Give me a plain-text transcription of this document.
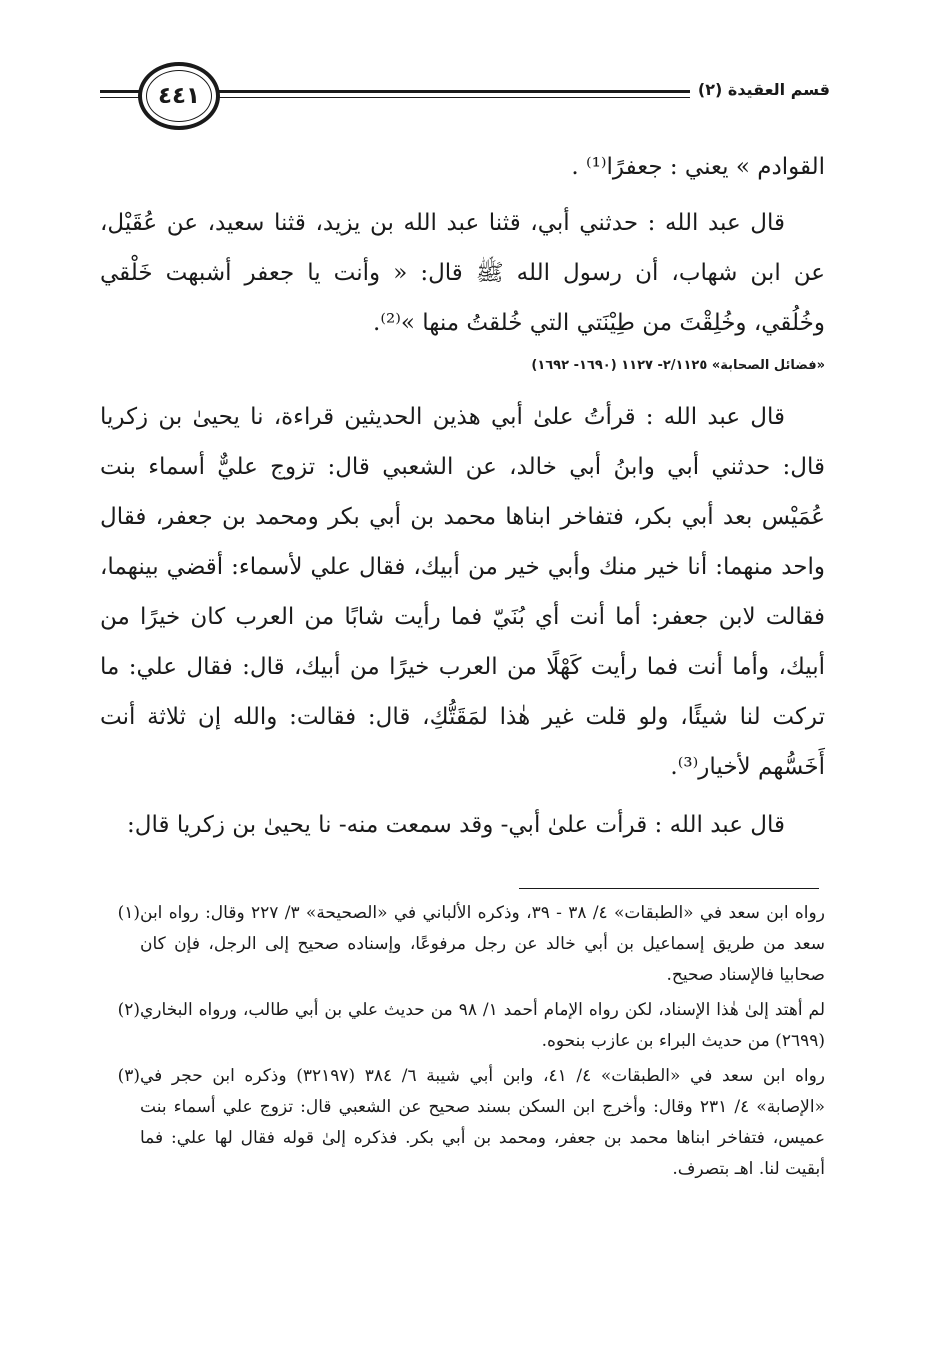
٤٤١	قسم العقيدة (٢)

القوادم » يعني : جعفرًا⁽¹⁾ .

قال عبد الله : حدثني أبي، قثنا عبد الله بن يزيد، قثنا سعيد، عن عُقَيْل، عن ابن شهاب، أن رسول الله ﷺ قال: « وأنت يا جعفر أشبهت خَلْقي وخُلُقي، وخُلِقْتَ من طِيْنَتي التي خُلقتُ منها »⁽²⁾.

«فضائل الصحابة» ٢/١١٢٥- ١١٢٧ (١٦٩٠- ١٦٩٢)

قال عبد الله : قرأتُ علىٰ أبي هذين الحديثين قراءة، نا يحيىٰ بن زكريا قال: حدثني أبي وابنُ أبي خالد، عن الشعبي قال: تزوج عليٌّ أسماء بنت عُمَيْس بعد أبي بكر، فتفاخر ابناها محمد بن أبي بكر ومحمد بن جعفر، فقال واحد منهما: أنا خير منك وأبي خير من أبيك، فقال علي لأسماء: أقضي بينهما، فقالت لابن جعفر: أما أنت أي بُنَيّ فما رأيت شابًا من العرب كان خيرًا من أبيك، وأما أنت فما رأيت كَهْلًا من العرب خيرًا من أبيك، قال: فقال علي: ما تركت لنا شيئًا، ولو قلت غير هٰذا لمَقَتُّكِ، قال: فقالت: والله إن ثلاثة أنت أَخَسُّهم لأخيار⁽³⁾.

قال عبد الله : قرأت علىٰ أبي- وقد سمعت منه- نا يحيىٰ بن زكريا قال:

(١) رواه ابن سعد في «الطبقات» ٤/ ٣٨ - ٣٩، وذكره الألباني في «الصحيحة» ٣/ ٢٢٧ وقال: رواه ابن سعد من طريق إسماعيل بن أبي خالد عن رجل مرفوعًا، وإسناده صحيح إلى الرجل، فإن كان صحابيا فالإسناد صحيح.
(٢) لم أهتد إلىٰ هٰذا الإسناد، لكن رواه الإمام أحمد ١/ ٩٨ من حديث علي بن أبي طالب، ورواه البخاري (٢٦٩٩) من حديث البراء بن عازب بنحوه.
(٣) رواه ابن سعد في «الطبقات» ٤/ ٤١، وابن أبي شيبة ٦/ ٣٨٤ (٣٢١٩٧) وذكره ابن حجر في «الإصابة» ٤/ ٢٣١ وقال: وأخرج ابن السكن بسند صحيح عن الشعبي قال: تزوج علي أسماء بنت عميس، فتفاخر ابناها محمد بن جعفر، ومحمد بن أبي بكر. فذكره إلىٰ قوله فقال لها علي: فما أبقيت لنا. اهـ بتصرف.
